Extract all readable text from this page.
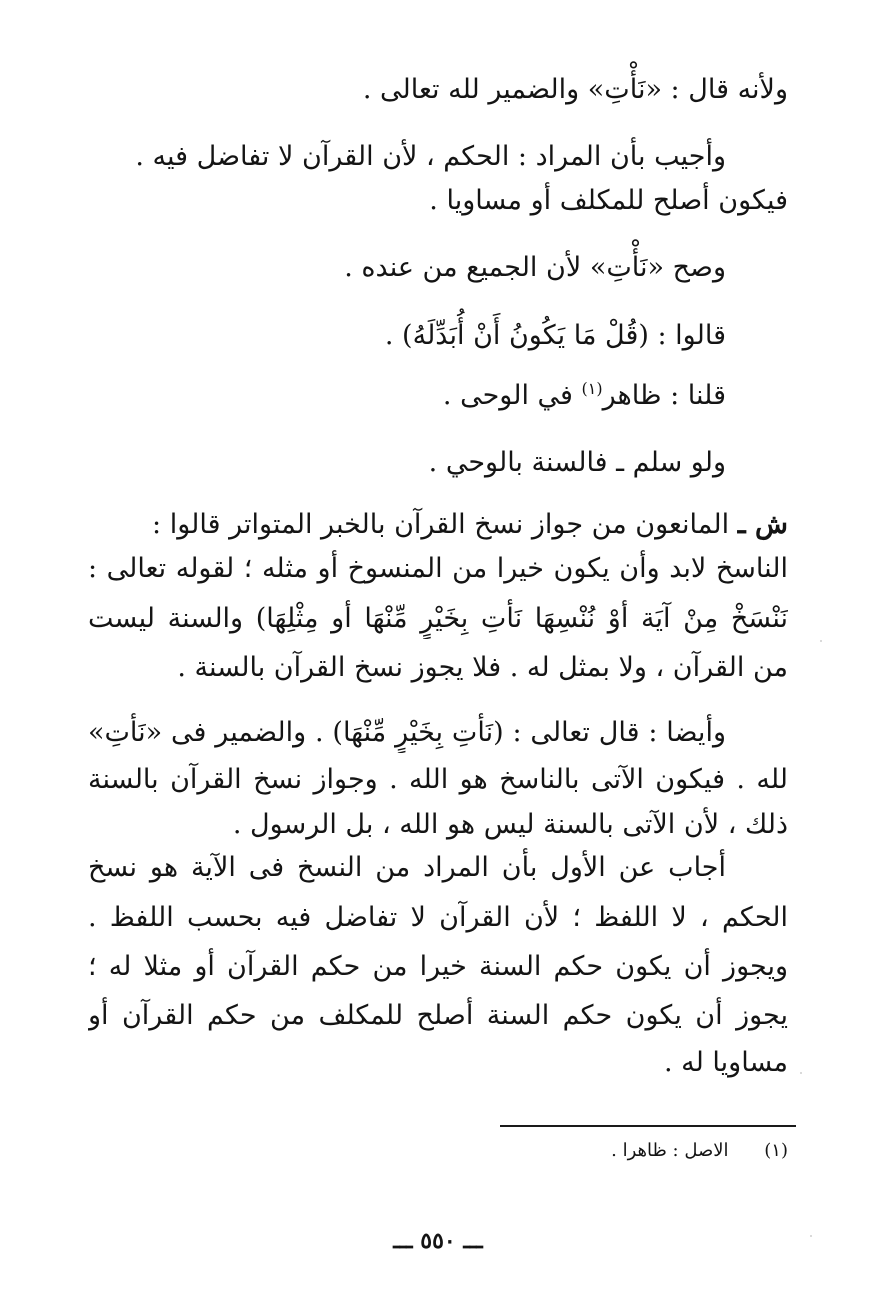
ولأنه قال : «نَأْتِ» والضمير لله تعالى .
وأجيب بأن المراد : الحكم ، لأن القرآن لا تفاضل فيه .
فيكون أصلح للمكلف أو مساويا .
وصح «نَأْتِ» لأن الجميع من عنده .
قالوا : (قُلْ مَا يَكُونُ أَنْ أُبَدِّلَهُ) .
قلنا : ظاهر$^{(١)}$ في الوحى .
ولو سلم ـ فالسنة بالوحي .
ش ـ المانعون من جواز نسخ القرآن بالخبر المتواتر قالوا :
الناسخ لابد وأن يكون خيرا من المنسوخ أو مثله ؛ لقوله تعالى :
نَنْسَخْ مِنْ آيَة أَوْ نُنْسِهَا نَأْتِ بِخَيْرٍ مِّنْهَا أَو مِثْلِهَا) والسنة ليست
من القرآن ، ولا بمثل له . فلا يجوز نسخ القرآن بالسنة .
وأيضا : قال تعالى : (نَأْتِ بِخَيْرٍ مِّنْهَا) . والضمير فى «نَأْتِ»
لله . فيكون الآتى بالناسخ هو الله . وجواز نسخ القرآن بالسنة
ذلك ، لأن الآتى بالسنة ليس هو الله ، بل الرسول .
أجاب عن الأول بأن المراد من النسخ فى الآية هو نسخ
الحكم ، لا اللفظ ؛ لأن القرآن لا تفاضل فيه بحسب اللفظ .
ويجوز أن يكون حكم السنة خيرا من حكم القرآن أو مثلا له ؛
يجوز أن يكون حكم السنة أصلح للمكلف من حكم القرآن أو
مساويا له .
(١) الاصل : ظاهرا .
ـــ ٥٥٠ ـــ
